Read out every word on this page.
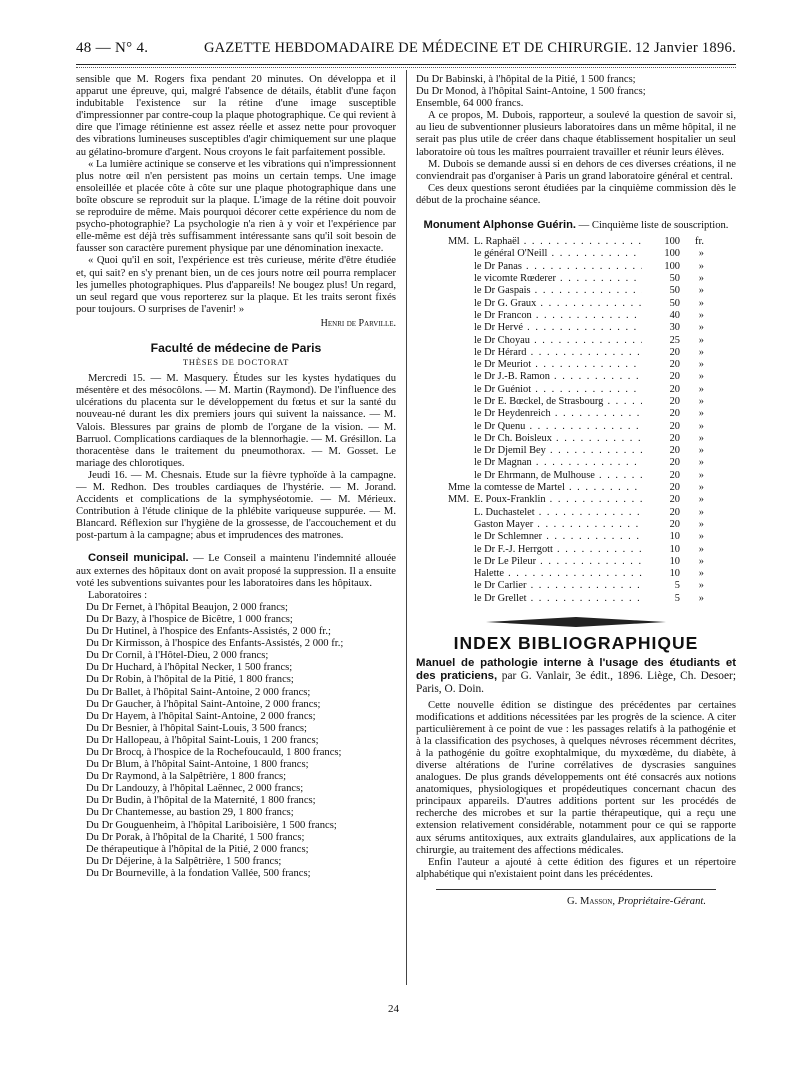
48 — N° 4.	GAZETTE HEBDOMADAIRE DE MÉDECINE ET DE CHIRURGIE. 12 Janvier 1896.

sensible que M. Rogers fixa pendant 20 minutes. On développa et il apparut une épreuve, qui, malgré l'absence de détails, établit d'une façon indubitable l'existence sur la rétine d'une image susceptible d'impressionner par contre-coup la plaque photographique. Ce qui revient à dire que l'image rétinienne est assez réelle et assez nette pour provoquer des vibrations lumineuses susceptibles d'agir chimiquement sur une plaque au gélatino-bromure d'argent. Nous croyons le fait parfaitement possible.

« La lumière actinique se conserve et les vibrations qui n'impressionnent plus notre œil n'en persistent pas moins un certain temps. Une image ensoleillée et placée côte à côte sur une plaque photographique dans une boîte obscure se reproduit sur la plaque. L'image de la rétine doit pouvoir se reproduire de même. Mais pourquoi décorer cette expérience du nom de psycho-photographie? La psychologie n'a rien à y voir et l'expérience par elle-même est déjà très suffisamment intéressante sans qu'il soit besoin de fausser son caractère purement physique par une dénomination inexacte.

« Quoi qu'il en soit, l'expérience est très curieuse, mérite d'être étudiée et, qui sait? en s'y prenant bien, un de ces jours notre œil pourra remplacer les jumelles photographiques. Plus d'appareils! Ne bougez plus! Un regard, un seul regard que vous reporterez sur la plaque. Et les traits seront fixés pour toujours. O surprises de l'avenir! »

Henri de Parville.
Faculté de médecine de Paris
THÈSES DE DOCTORAT

Mercredi 15. — M. Masquery. Études sur les kystes hydatiques du mésentère et des mésocôlons. — M. Martin (Raymond). De l'influence des ulcérations du placenta sur le développement du fœtus et sur la santé du nouveau-né durant les dix premiers jours qui suivent la naissance. — M. Valois. Blessures par grains de plomb de l'organe de la vision. — M. Barruol. Complications cardiaques de la blennorhagie. — M. Grésillon. La thoracentèse dans le traitement du pneumothorax. — M. Gosset. Le mariage des chlorotiques.

Jeudi 16. — M. Chesnais. Etude sur la fièvre typhoïde à la campagne. — M. Redhon. Des troubles cardiaques de l'hystérie. — M. Jorand. Accidents et complications de la symphyséotomie. — M. Mérieux. Contribution à l'étude clinique de la phlébite variqueuse suppurée. — M. Blancard. Réflexion sur l'hygiène de la grossesse, de l'accouchement et du post-partum à la campagne; abus et imprudences des matrones.

Conseil municipal. — Le Conseil a maintenu l'indemnité allouée aux externes des hôpitaux dont on avait proposé la suppression. Il a ensuite voté les subventions suivantes pour les laboratoires dans les hôpitaux.

Laboratoires :

Du Dr Fernet, à l'hôpital Beaujon, 2 000 francs;
Du Dr Bazy, à l'hospice de Bicêtre, 1 000 francs;
Du Dr Hutinel, à l'hospice des Enfants-Assistés, 2 000 fr.;
Du Dr Kirmisson, à l'hospice des Enfants-Assistés, 2 000 fr.;
Du Dr Cornil, à l'Hôtel-Dieu, 2 000 francs;
Du Dr Huchard, à l'hôpital Necker, 1 500 francs;
Du Dr Robin, à l'hôpital de la Pitié, 1 800 francs;
Du Dr Ballet, à l'hôpital Saint-Antoine, 2 000 francs;
Du Dr Gaucher, à l'hôpital Saint-Antoine, 2 000 francs;
Du Dr Hayem, à l'hôpital Saint-Antoine, 2 000 francs;
Du Dr Besnier, à l'hôpital Saint-Louis, 3 500 francs;
Du Dr Hallopeau, à l'hôpital Saint-Louis, 1 200 francs;
Du Dr Brocq, à l'hospice de la Rochefoucauld, 1 800 francs;
Du Dr Blum, à l'hôpital Saint-Antoine, 1 800 francs;
Du Dr Raymond, à la Salpêtrière, 1 800 francs;
Du Dr Landouzy, à l'hôpital Laënnec, 2 000 francs;
Du Dr Budin, à l'hôpital de la Maternité, 1 800 francs;
Du Dr Chantemesse, au bastion 29, 1 800 francs;
Du Dr Gouguenheim, à l'hôpital Lariboisière, 1 500 francs;
Du Dr Porak, à l'hôpital de la Charité, 1 500 francs;
De thérapeutique à l'hôpital de la Pitié, 2 000 francs;
Du Dr Déjerine, à la Salpêtrière, 1 500 francs;
Du Dr Bourneville, à la fondation Vallée, 500 francs;
Du Dr Babinski, à l'hôpital de la Pitié, 1 500 francs;
Du Dr Monod, à l'hôpital Saint-Antoine, 1 500 francs;
Ensemble, 64 000 francs.

A ce propos, M. Dubois, rapporteur, a soulevé la question de savoir si, au lieu de subventionner plusieurs laboratoires dans un même hôpital, il ne serait pas plus utile de créer dans chaque établissement hospitalier un seul laboratoire où tous les maîtres pourraient travailler et réunir leurs élèves.

M. Dubois se demande aussi si en dehors de ces diverses créations, il ne conviendrait pas d'organiser à Paris un grand laboratoire général et central.

Ces deux questions seront étudiées par la cinquième commission dès le début de la prochaine séance.

Monument Alphonse Guérin. — Cinquième liste de souscription.

MM. L. Raphaël . . .	100	fr.
le général O'Neill . . .	100	»
le Dr Panas . . .	100	»
le vicomte Rœderer . . .	50	»
le Dr Gaspais . . .	50	»
le Dr G. Graux . . .	50	»
le Dr Francon . . .	40	»
le Dr Hervé . . .	30	»
le Dr Choyau . . .	25	»
le Dr Hérard . . .	20	»
le Dr Meuriot . . .	20	»
le Dr J.-B. Ramon . . .	20	»
le Dr Guéniot . . .	20	»
le Dr E. Bœckel, de Strasbourg . . .	20	»
le Dr Heydenreich . . .	20	»
le Dr Quenu . . .	20	»
le Dr Ch. Boisleux . . .	20	»
le Dr Djemil Bey . . .	20	»
le Dr Magnan . . .	20	»
le Dr Ehrmann, de Mulhouse . . .	20	»
Mme la comtesse de Martel . . .	20	»
MM. E. Poux-Franklin . . .	20	»
L. Duchastelet . . .	20	»
Gaston Mayer . . .	20	»
le Dr Schlemner . . .	10	»
le Dr F.-J. Herrgott . . .	10	»
le Dr Le Pileur . . .	10	»
Halette . . .	10	»
le Dr Carlier . . .	5	»
le Dr Grellet . . .	5	»
INDEX BIBLIOGRAPHIQUE

Manuel de pathologie interne à l'usage des étudiants et des praticiens, par G. Vanlair, 3e édit., 1896. Liège, Ch. Desoer; Paris, O. Doin.

Cette nouvelle édition se distingue des précédentes par certaines modifications et additions nécessitées par les progrès de la science. A citer particulièrement à ce point de vue : les passages relatifs à la pathogénie et à la classification des psychoses, à quelques névroses récemment décrites, à la pathogénie du goître exophtalmique, du myxœdème, du diabète, à diverse altérations de l'urine corrélatives de dyscrasies sanguines analogues. De plus grands développements ont été consacrés aux notions anatomiques, physiologiques et propédeutiques concernant chacun des principaux appareils. D'autres additions portent sur les procédés de recherche des microbes et sur la partie thérapeutique, qui a reçu une extension relativement considérable, notamment pour ce qui se rapporte aux sérums antitoxiques, aux extraits glandulaires, aux applications de la chirurgie, au traitement des affections médicales.

Enfin l'auteur a ajouté à cette édition des figures et un répertoire alphabétique qui n'existaient point dans les précédentes.

G. Masson, Propriétaire-Gérant.
24
